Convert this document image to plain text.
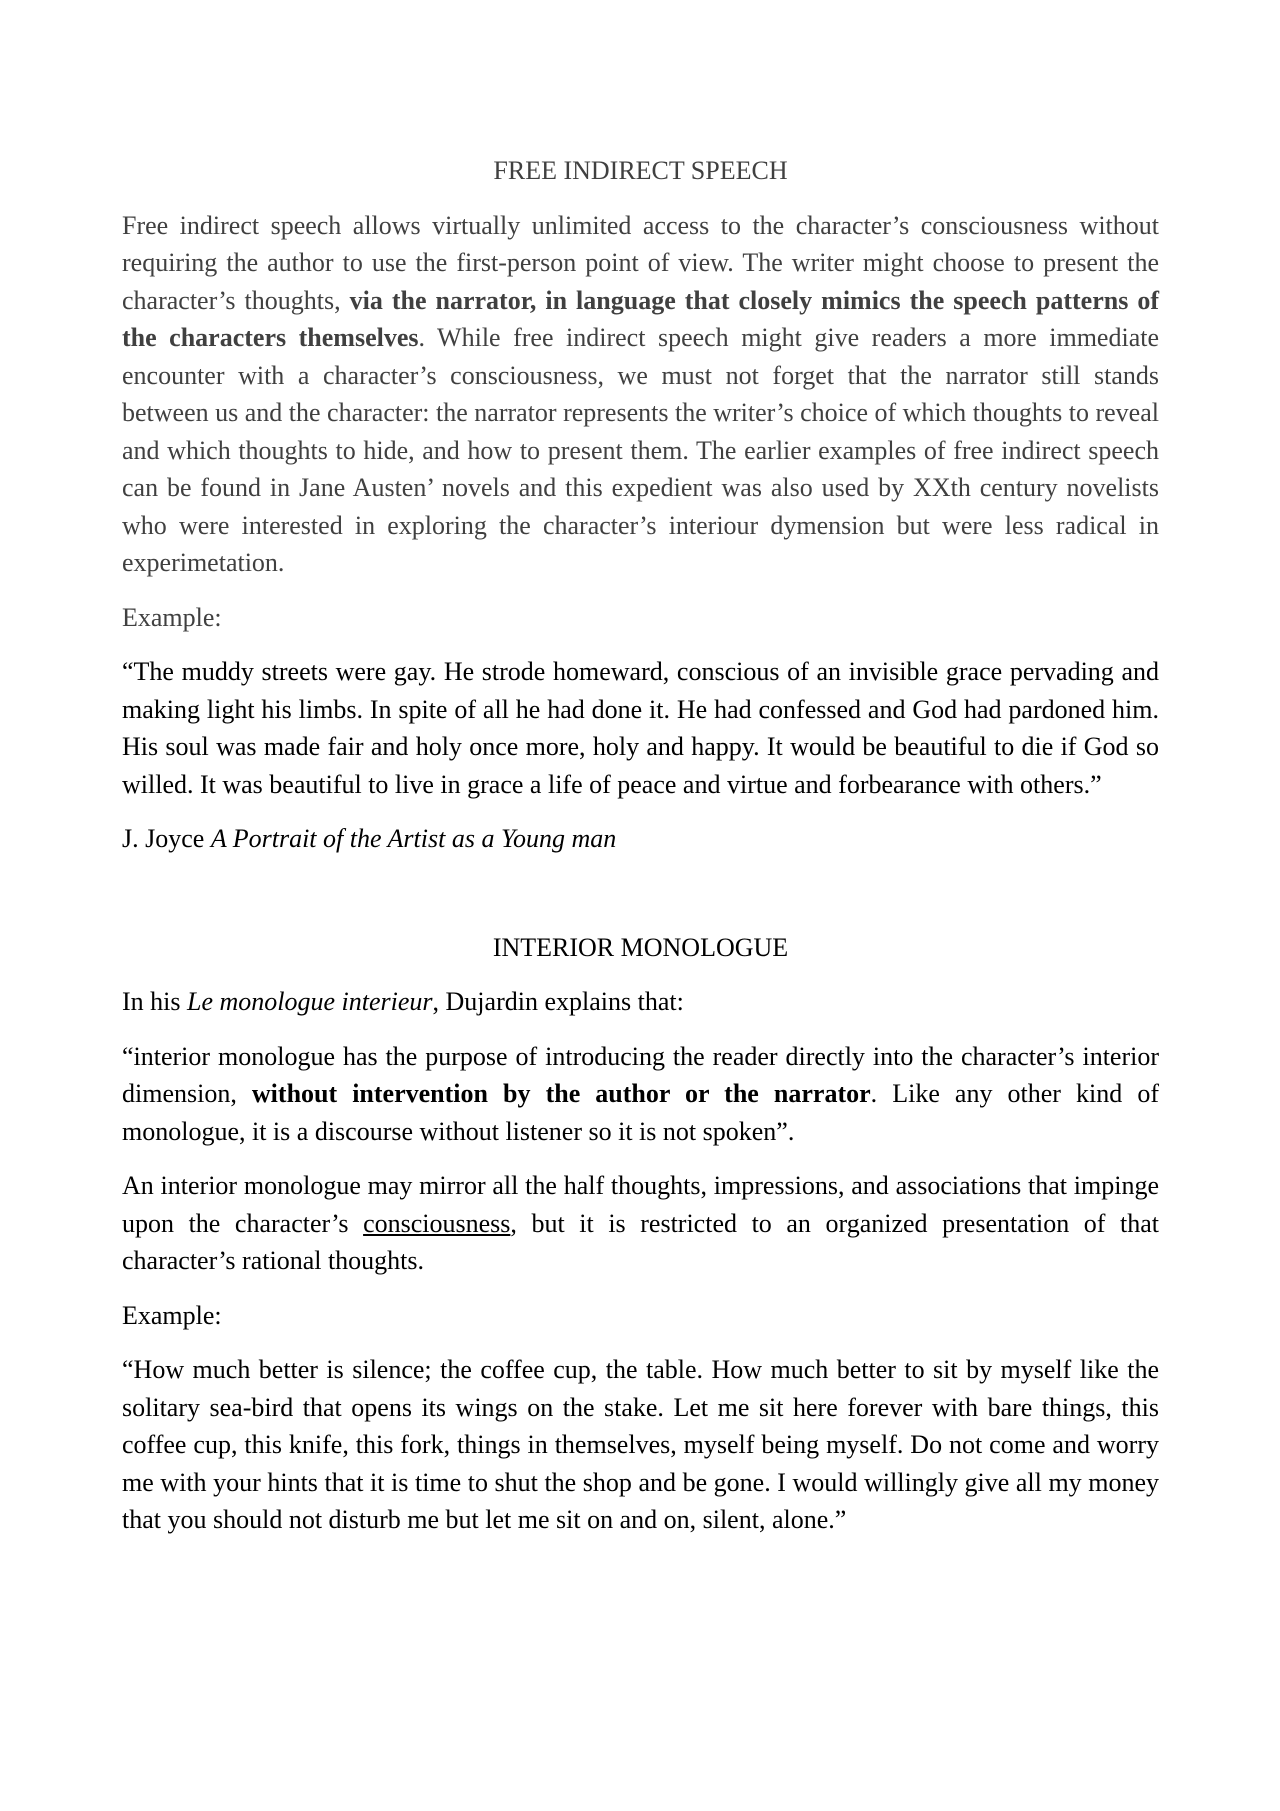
FREE INDIRECT SPEECH

Free indirect speech allows virtually unlimited access to the character’s consciousness without requiring the author to use the first-person point of view. The writer might choose to present the character’s thoughts, via the narrator, in language that closely mimics the speech patterns of the characters themselves. While free indirect speech might give readers a more immediate encounter with a character’s consciousness, we must not forget that the narrator still stands between us and the character: the narrator represents the writer’s choice of which thoughts to reveal and which thoughts to hide, and how to present them. The earlier examples of free indirect speech can be found in Jane Austen’ novels and this expedient was also used by XXth century novelists who were interested in exploring the character’s interiour dymension but were less radical in experimetation.

Example:

“The muddy streets were gay. He strode homeward, conscious of an invisible grace pervading and making light his limbs. In spite of all he had done it. He had confessed and God had pardoned him. His soul was made fair and holy once more, holy and happy. It would be beautiful to die if God so willed. It was beautiful to live in grace a life of peace and virtue and forbearance with others.”

J. Joyce A Portrait of the Artist as a Young man

INTERIOR MONOLOGUE

In his Le monologue interieur, Dujardin explains that:

“interior monologue has the purpose of introducing the reader directly into the character’s interior dimension, without intervention by the author or the narrator. Like any other kind of monologue, it is a discourse without listener so it is not spoken”.

An interior monologue may mirror all the half thoughts, impressions, and associations that impinge upon the character’s consciousness, but it is restricted to an organized presentation of that character’s rational thoughts.

Example:

“How much better is silence; the coffee cup, the table. How much better to sit by myself like the solitary sea-bird that opens its wings on the stake. Let me sit here forever with bare things, this coffee cup, this knife, this fork, things in themselves, myself being myself. Do not come and worry me with your hints that it is time to shut the shop and be gone. I would willingly give all my money that you should not disturb me but let me sit on and on, silent, alone.”
